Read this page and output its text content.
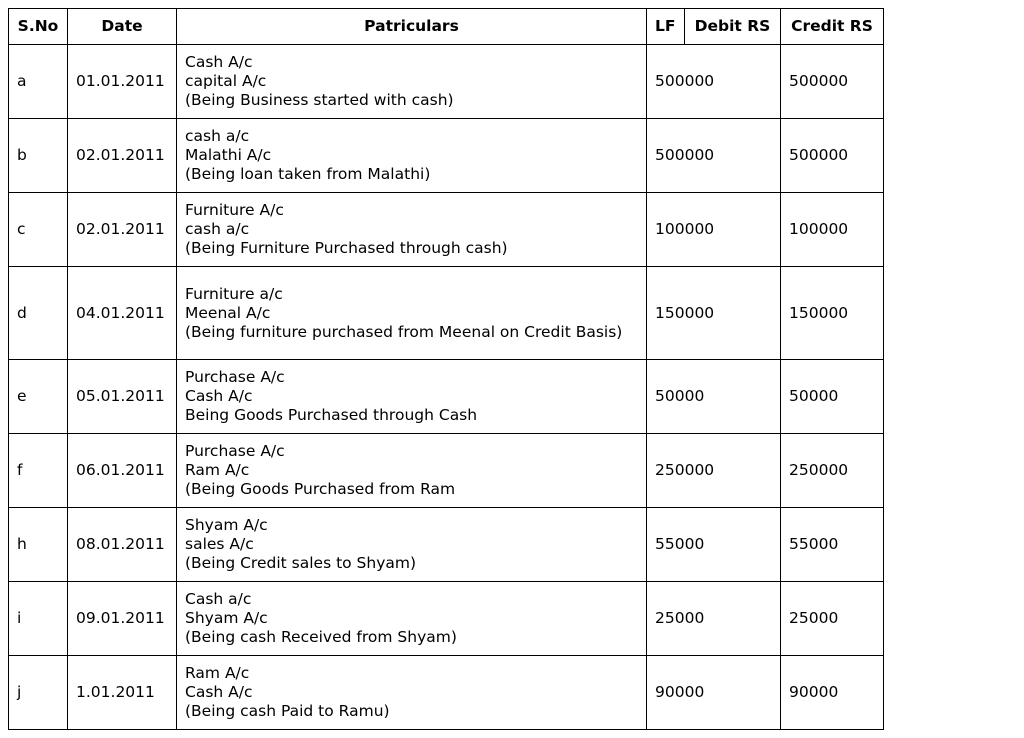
S.No	Date	Patriculars	LF	Debit RS	Credit RS
a	01.01.2011	Cash A/c
capital A/c
(Being Business started with cash)	500000		500000
b	02.01.2011	cash a/c
Malathi A/c
(Being loan taken from Malathi)	500000		500000
c	02.01.2011	Furniture A/c
cash a/c
(Being Furniture Purchased through cash)	100000		100000
d	04.01.2011	Furniture a/c
Meenal A/c
(Being furniture purchased from Meenal on Credit Basis)	150000		150000
e	05.01.2011	Purchase A/c
Cash A/c
Being Goods Purchased through Cash	50000		50000
f	06.01.2011	Purchase A/c
Ram A/c
(Being Goods Purchased from Ram	250000		250000
h	08.01.2011	Shyam A/c
sales A/c
(Being Credit sales to Shyam)	55000		55000
i	09.01.2011	Cash a/c
Shyam A/c
(Being cash Received from Shyam)	25000		25000
j	1.01.2011	Ram A/c
Cash A/c
(Being cash Paid to Ramu)	90000		90000
